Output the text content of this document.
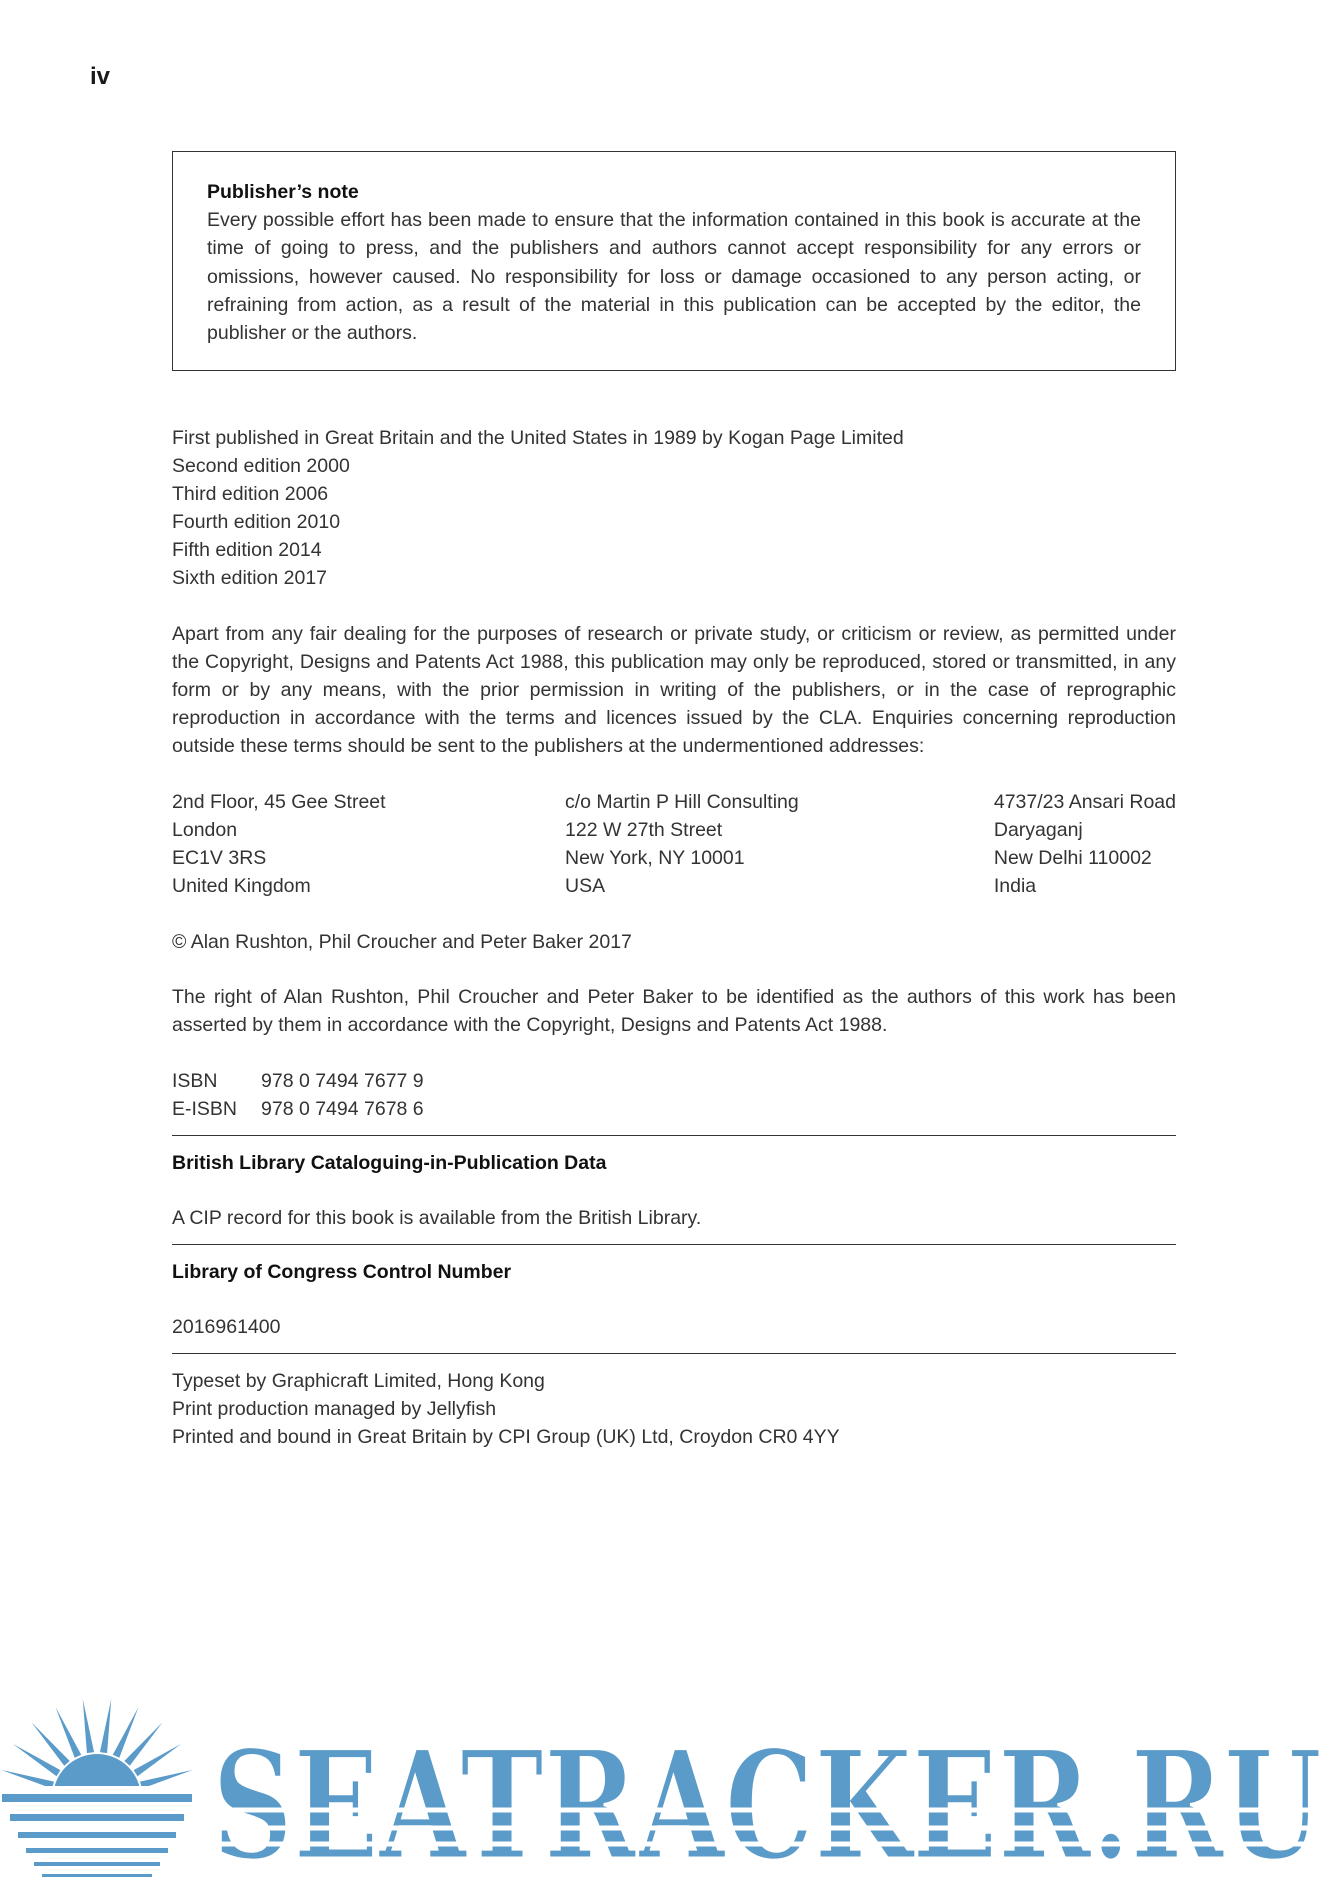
iv
Publisher’s note
Every possible effort has been made to ensure that the information contained in this book is accurate at the time of going to press, and the publishers and authors cannot accept responsibility for any errors or omissions, however caused. No responsibility for loss or damage occasioned to any person acting, or refraining from action, as a result of the material in this publication can be accepted by the editor, the publisher or the authors.

First published in Great Britain and the United States in 1989 by Kogan Page Limited

Second edition 2000

Third edition 2006

Fourth edition 2010

Fifth edition 2014

Sixth edition 2017

Apart from any fair dealing for the purposes of research or private study, or criticism or review, as permitted under the Copyright, Designs and Patents Act 1988, this publication may only be reproduced, stored or transmitted, in any form or by any means, with the prior permission in writing of the publishers, or in the case of reprographic reproduction in accordance with the terms and licences issued by the CLA. Enquiries concerning reproduction outside these terms should be sent to the publishers at the undermentioned addresses:

2nd Floor, 45 Gee Street

London

EC1V 3RS

United Kingdom

c/o Martin P Hill Consulting

122 W 27th Street

New York, NY 10001

USA

4737/23 Ansari Road

Daryaganj

New Delhi 110002

India

© Alan Rushton, Phil Croucher and Peter Baker 2017

The right of Alan Rushton, Phil Croucher and Peter Baker to be identified as the authors of this work has been asserted by them in accordance with the Copyright, Designs and Patents Act 1988.

ISBN	978 0 7494 7677 9
E-ISBN	978 0 7494 7678 6

British Library Cataloguing-in-Publication Data

A CIP record for this book is available from the British Library.

Library of Congress Control Number

2016961400

Typeset by Graphicraft Limited, Hong Kong

Print production managed by Jellyfish

Printed and bound in Great Britain by CPI Group (UK) Ltd, Croydon CR0 4YY

SEATRACKER.RU
